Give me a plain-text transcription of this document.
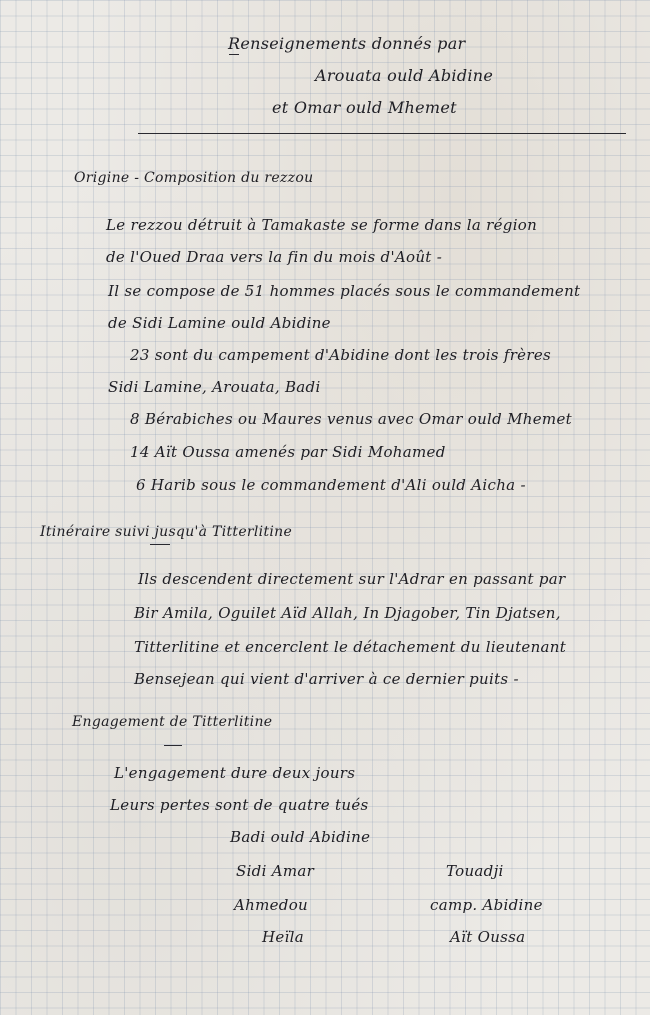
Renseignements donnés par
Arouata ould Abidine
et Omar ould Mhemet
Origine - Composition du rezzou
Le rezzou détruit à Tamakaste se forme dans la région
de l'Oued Draa vers la fin du mois d'Août -
Il se compose de 51 hommes placés sous le commandement
de Sidi Lamine ould Abidine
23 sont du campement d'Abidine dont les trois frères
Sidi Lamine, Arouata, Badi
8 Bérabiches ou Maures venus avec Omar ould Mhemet
14 Aït Oussa amenés par Sidi Mohamed
6 Harib sous le commandement d'Ali ould Aicha -
Itinéraire suivi jusqu'à Titterlitine
Ils descendent directement sur l'Adrar en passant par
Bir Amila, Oguilet Aïd Allah, In Djagober, Tin Djatsen,
Titterlitine et encerclent le détachement du lieutenant
Bensejean qui vient d'arriver à ce dernier puits -
Engagement de Titterlitine
L'engagement dure deux jours
Leurs pertes sont de quatre tués
Badi ould Abidine
Sidi Amar
Ahmedou
Heïla
Touadji
camp. Abidine
Aït Oussa
